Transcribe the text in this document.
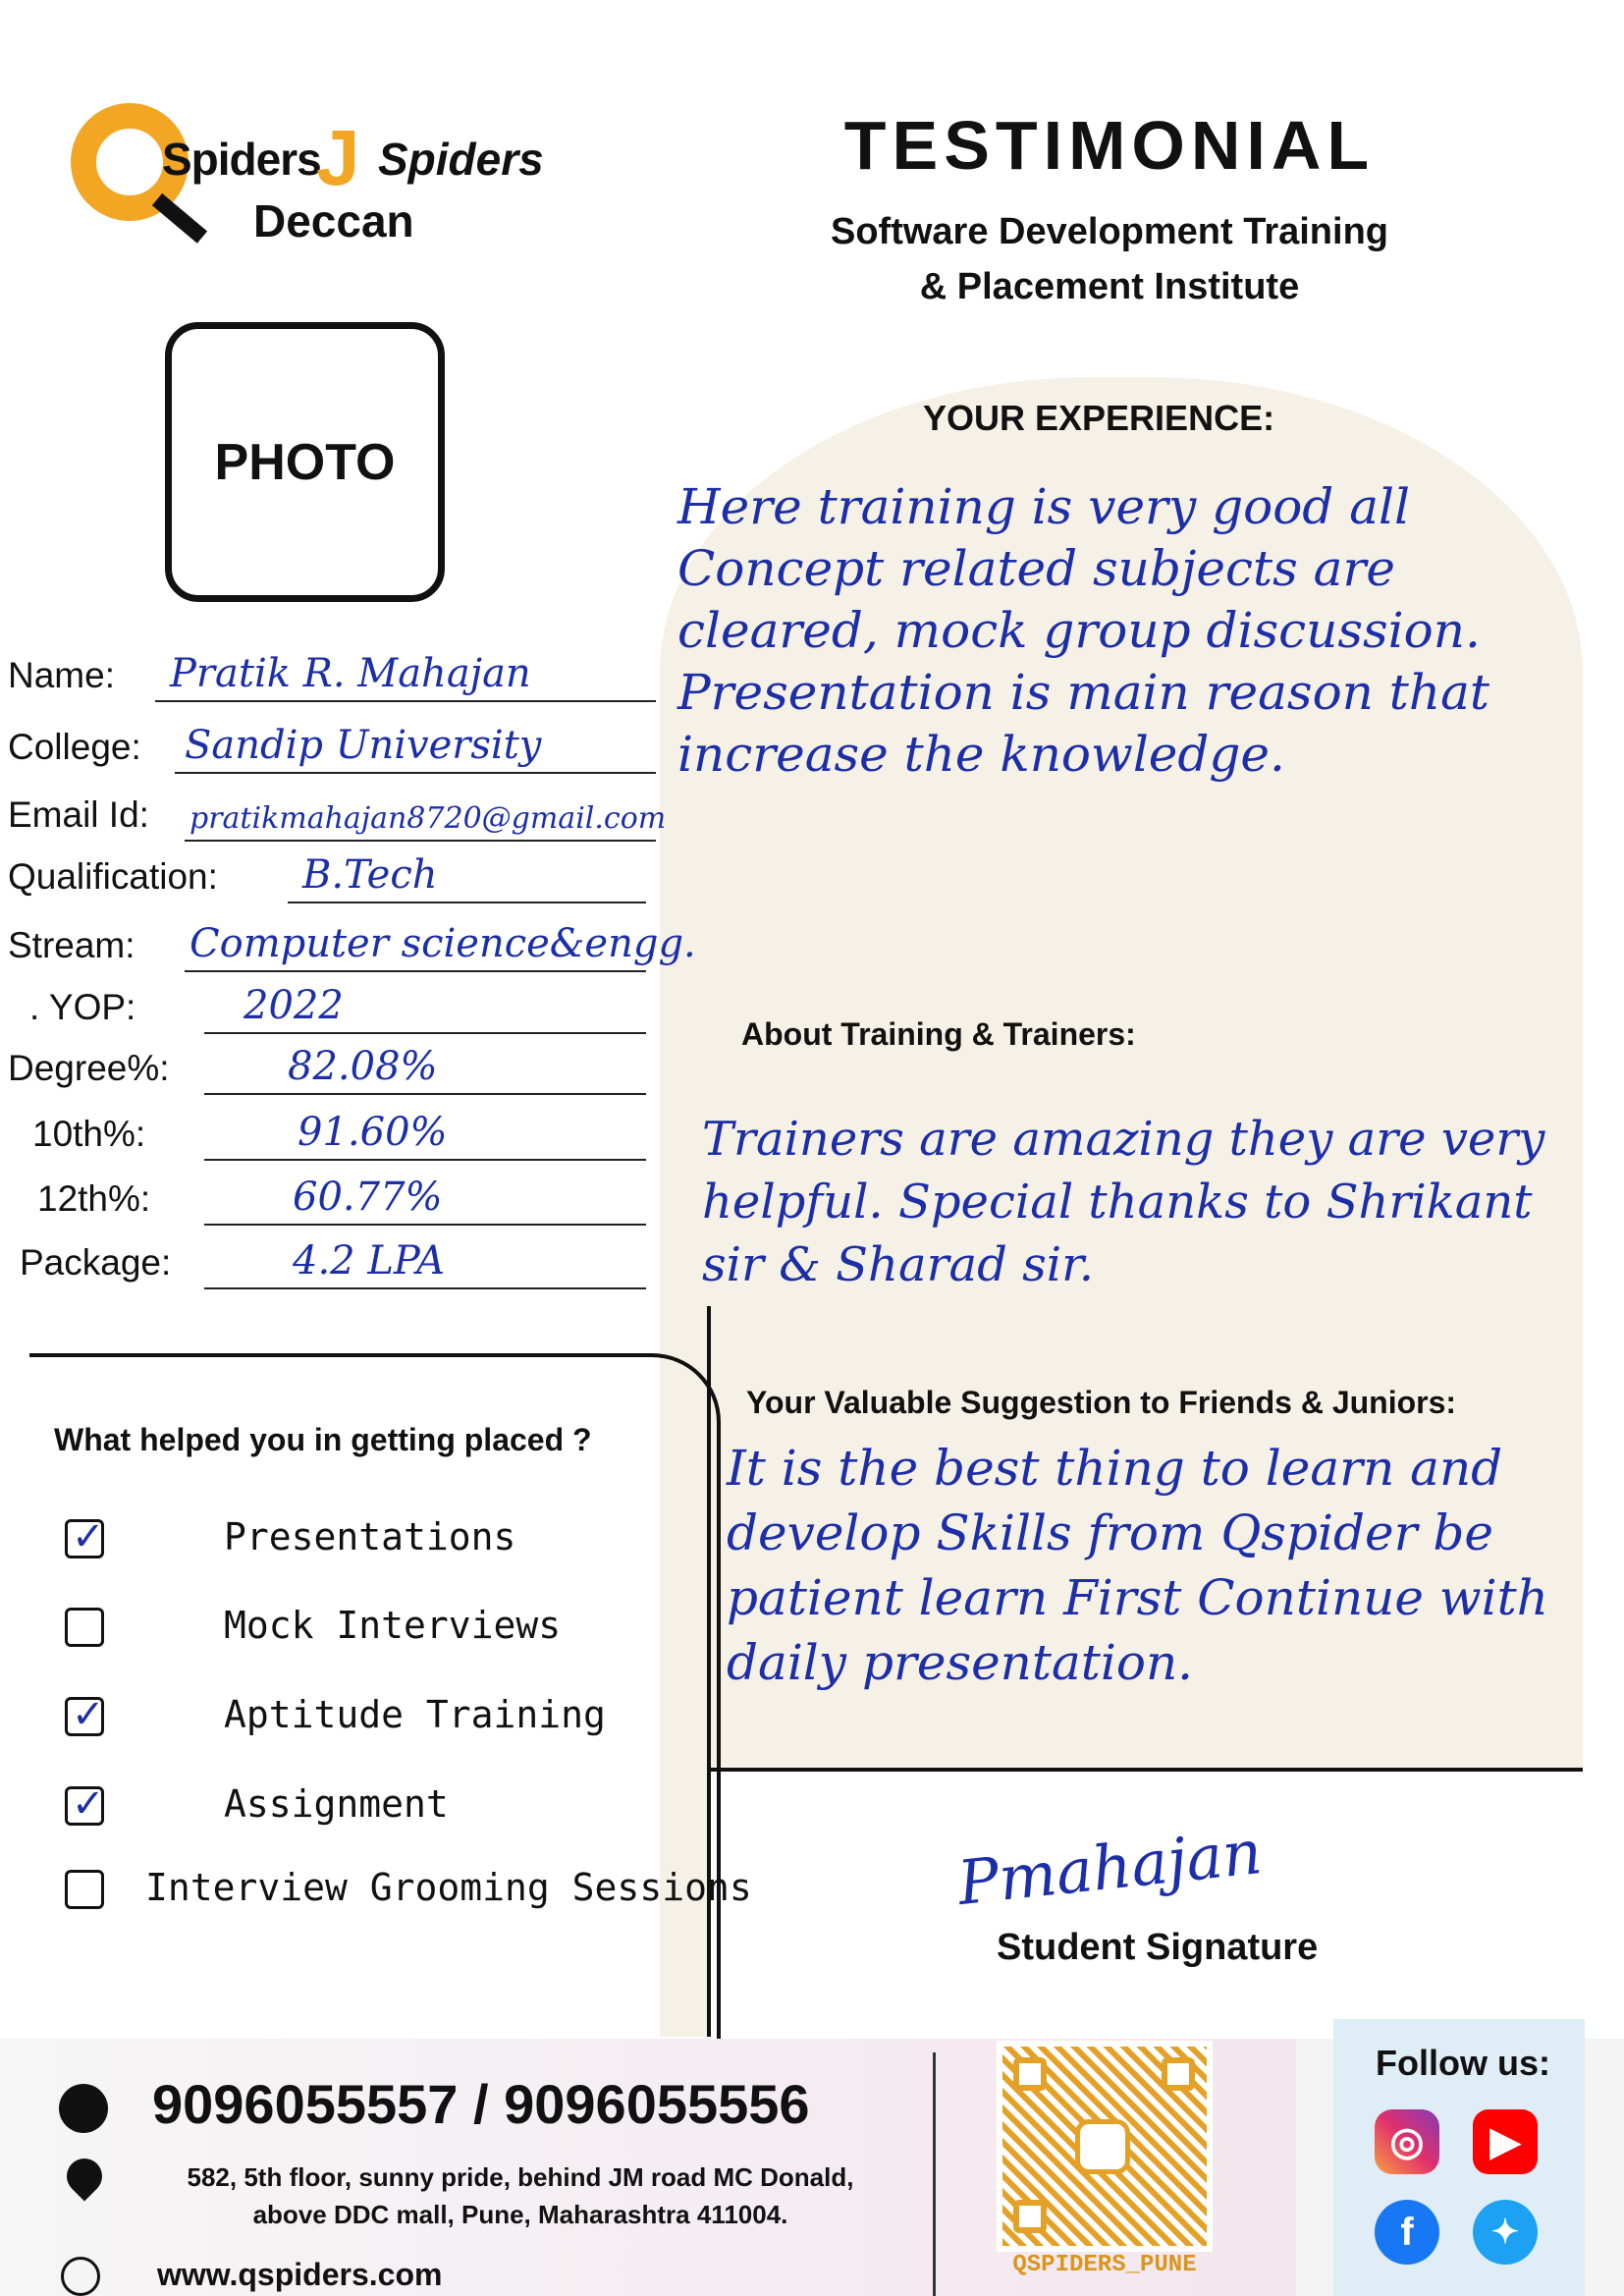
Spiders
J Spiders
Deccan
TESTIMONIAL
Software Development Training
& Placement Institute
PHOTO
YOUR EXPERIENCE:
Here training is very good all Concept related subjects are cleared, mock group discussion. Presentation is main reason that increase the knowledge.
About Training & Trainers:
Trainers are amazing they are very helpful. Special thanks to Shrikant sir & Sharad sir.
Your Valuable Suggestion to Friends & Juniors:
It is the best thing to learn and develop Skills from Qspider be patient learn First Continue with daily presentation.
Pmahajan
Student Signature
Name: Pratik R. Mahajan
College: Sandip University
Email Id: pratikmahajan8720@gmail.com
Qualification: B.Tech
Stream: Computer science&engg.
. YOP:	2022
Degree%:	82.08%
10th%:	91.60%
12th%:	60.77%
Package:	4.2 LPA
What helped you in getting placed ?
✓	Presentations
Mock Interviews
✓	Aptitude Training
✓	Assignment
Interview Grooming Sessions
9096055557 / 9096055556
582, 5th floor, sunny pride, behind JM road MC Donald,
above DDC mall, Pune, Maharashtra 411004.
www.qspiders.com	QSPIDERS_PUNE
Follow us:
◎	▶
f	✦
